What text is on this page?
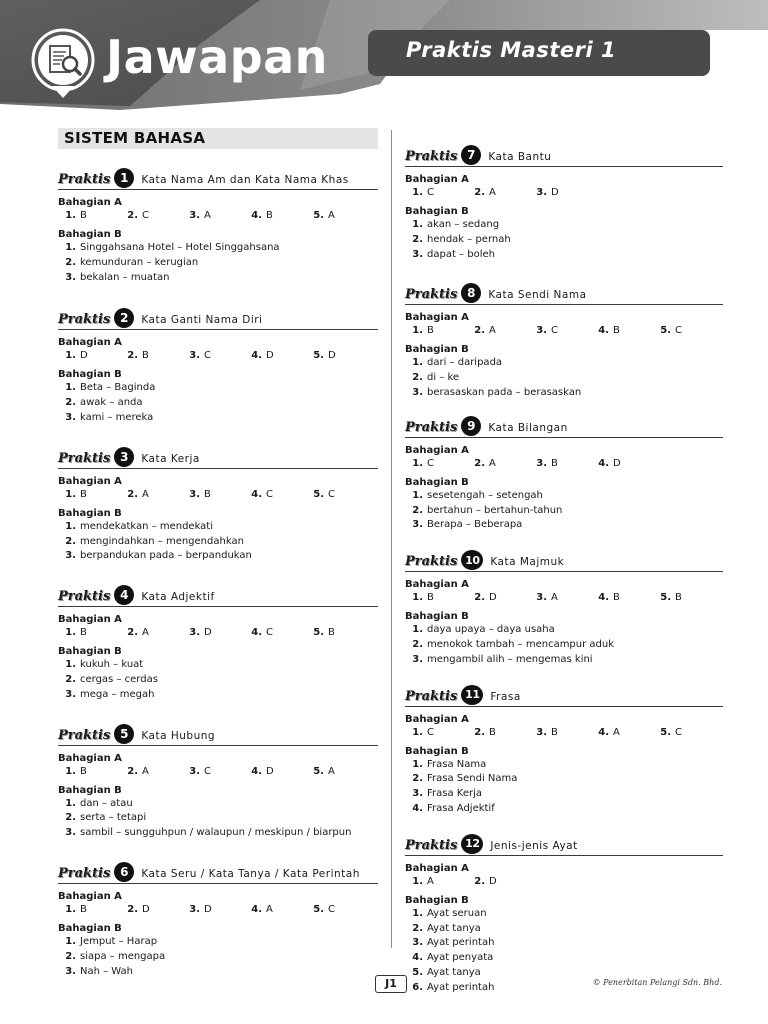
Jawapan	Praktis Masteri 1
SISTEM BAHASA
Praktis 1	Kata Nama Am dan Kata Nama Khas
Bahagian A
1. B	2. C	3. A	4. B	5. A
Bahagian B
1. Singgahsana Hotel – Hotel Singgahsana
2. kemunduran – kerugian
3. bekalan – muatan
Praktis 2	Kata Ganti Nama Diri
Bahagian A
1. D	2. B	3. C	4. D	5. D
Bahagian B
1. Beta – Baginda
2. awak – anda
3. kami – mereka
Praktis 3	Kata Kerja
Bahagian A
1. B	2. A	3. B	4. C	5. C
Bahagian B
1. mendekatkan – mendekati
2. mengindahkan – mengendahkan
3. berpandukan pada – berpandukan
Praktis 4	Kata Adjektif
Bahagian A
1. B	2. A	3. D	4. C	5. B
Bahagian B
1. kukuh – kuat
2. cergas – cerdas
3. mega – megah
Praktis 5	Kata Hubung
Bahagian A
1. B	2. A	3. C	4. D	5. A
Bahagian B
1. dan – atau
2. serta – tetapi
3. sambil – sungguhpun / walaupun / meskipun / biarpun
Praktis 6	Kata Seru / Kata Tanya / Kata Perintah
Bahagian A
1. B	2. D	3. D	4. A	5. C
Bahagian B
1. Jemput – Harap
2. siapa – mengapa
3. Nah – Wah
Praktis 7	Kata Bantu
Bahagian A
1. C	2. A	3. D
Bahagian B
1. akan – sedang
2. hendak – pernah
3. dapat – boleh
Praktis 8	Kata Sendi Nama
Bahagian A
1. B	2. A	3. C	4. B	5. C
Bahagian B
1. dari – daripada
2. di – ke
3. berasaskan pada – berasaskan
Praktis 9	Kata Bilangan
Bahagian A
1. C	2. A	3. B	4. D
Bahagian B
1. sesetengah – setengah
2. bertahun – bertahun-tahun
3. Berapa – Beberapa
Praktis 10	Kata Majmuk
Bahagian A
1. B	2. D	3. A	4. B	5. B
Bahagian B
1. daya upaya – daya usaha
2. menokok tambah – mencampur aduk
3. mengambil alih – mengemas kini
Praktis 11	Frasa
Bahagian A
1. C	2. B	3. B	4. A	5. C
Bahagian B
1. Frasa Nama
2. Frasa Sendi Nama
3. Frasa Kerja
4. Frasa Adjektif
Praktis 12	Jenis-jenis Ayat
Bahagian A
1. A	2. D
Bahagian B
1. Ayat seruan
2. Ayat tanya
3. Ayat perintah
4. Ayat penyata
5. Ayat tanya
6. Ayat perintah
J1	© Penerbitan Pelangi Sdn. Bhd.
